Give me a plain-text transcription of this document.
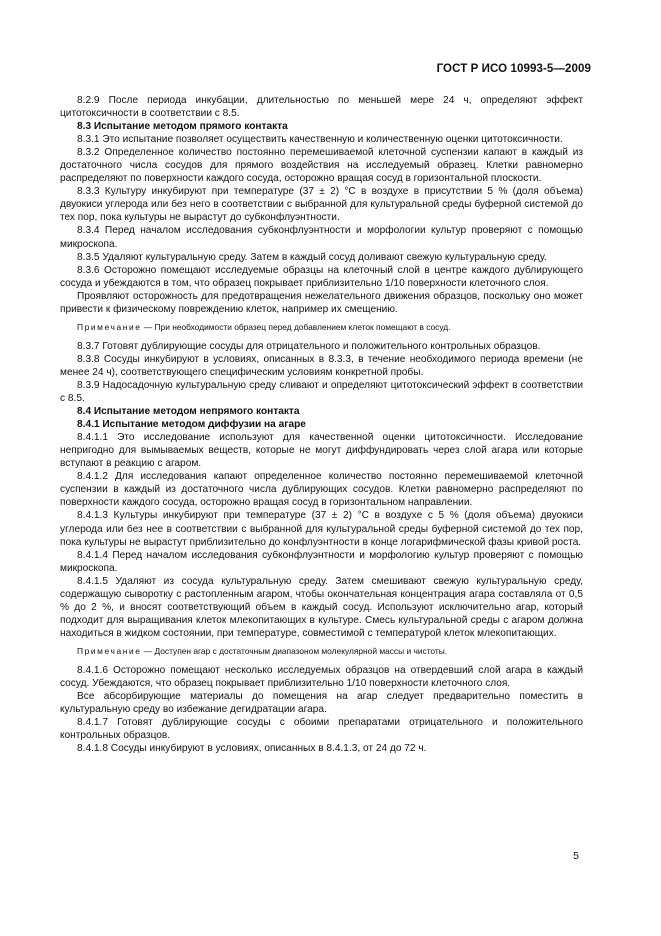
ГОСТ Р ИСО 10993-5—2009

8.2.9 После периода инкубации, длительностью по меньшей мере 24 ч, определяют эффект цитотоксичности в соответствии с 8.5.

8.3 Испытание методом прямого контакта

8.3.1 Это испытание позволяет осуществить качественную и количественную оценки цитотоксичности.

8.3.2 Определенное количество постоянно перемешиваемой клеточной суспензии капают в каждый из достаточного числа сосудов для прямого воздействия на исследуемый образец. Клетки равномерно распределяют по поверхности каждого сосуда, осторожно вращая сосуд в горизонтальной плоскости.

8.3.3 Культуру инкубируют при температуре (37 ± 2) °С в воздухе в присутствии 5 % (доля объема) двуокиси углерода или без него в соответствии с выбранной для культуральной среды буферной системой до тех пор, пока культуры не вырастут до субконфлуэнтности.

8.3.4 Перед началом исследования субконфлуэнтности и морфологии культур проверяют с помощью микроскопа.

8.3.5 Удаляют культуральную среду. Затем в каждый сосуд доливают свежую культуральную среду.

8.3.6 Осторожно помещают исследуемые образцы на клеточный слой в центре каждого дублирующего сосуда и убеждаются в том, что образец покрывает приблизительно 1/10 поверхности клеточного слоя.

Проявляют осторожность для предотвращения нежелательного движения образцов, поскольку оно может привести к физическому повреждению клеток, например их смещению.

Примечание — При необходимости образец перед добавлением клеток помещают в сосуд.

8.3.7 Готовят дублирующие сосуды для отрицательного и положительного контрольных образцов.

8.3.8 Сосуды инкубируют в условиях, описанных в 8.3.3, в течение необходимого периода времени (не менее 24 ч), соответствующего специфическим условиям конкретной пробы.

8.3.9 Надосадочную культуральную среду сливают и определяют цитотоксический эффект в соответствии с 8.5.

8.4 Испытание методом непрямого контакта

8.4.1 Испытание методом диффузии на агаре

8.4.1.1 Это исследование используют для качественной оценки цитотоксичности. Исследование непригодно для вымываемых веществ, которые не могут диффундировать через слой агара или которые вступают в реакцию с агаром.

8.4.1.2 Для исследования капают определенное количество постоянно перемешиваемой клеточной суспензии в каждый из достаточного числа дублирующих сосудов. Клетки равномерно распределяют по поверхности каждого сосуда, осторожно вращая сосуд в горизонтальном направлении.

8.4.1.3 Культуры инкубируют при температуре (37 ± 2) °С в воздухе с 5 % (доля объема) двуокиси углерода или без нее в соответствии с выбранной для культуральной среды буферной системой до тех пор, пока культуры не вырастут приблизительно до конфлуэнтности в конце логарифмической фазы кривой роста.

8.4.1.4 Перед началом исследования субконфлуэнтности и морфологию культур проверяют с помощью микроскопа.

8.4.1.5 Удаляют из сосуда культуральную среду. Затем смешивают свежую культуральную среду, содержащую сыворотку с растопленным агаром, чтобы окончательная концентрация агара составляла от 0,5 % до 2 %, и вносят соответствующий объем в каждый сосуд. Используют исключительно агар, который подходит для выращивания клеток млекопитающих в культуре. Смесь культуральной среды с агаром должна находиться в жидком состоянии, при температуре, совместимой с температурой клеток млекопитающих.

Примечание — Доступен агар с достаточным диапазоном молекулярной массы и чистоты.

8.4.1.6 Осторожно помещают несколько исследуемых образцов на отвердевший слой агара в каждый сосуд. Убеждаются, что образец покрывает приблизительно 1/10 поверхности клеточного слоя.

Все абсорбирующие материалы до помещения на агар следует предварительно поместить в культуральную среду во избежание дегидратации агара.

8.4.1.7 Готовят дублирующие сосуды с обоими препаратами отрицательного и положительного контрольных образцов.

8.4.1.8 Сосуды инкубируют в условиях, описанных в 8.4.1.3, от 24 до 72 ч.

5
